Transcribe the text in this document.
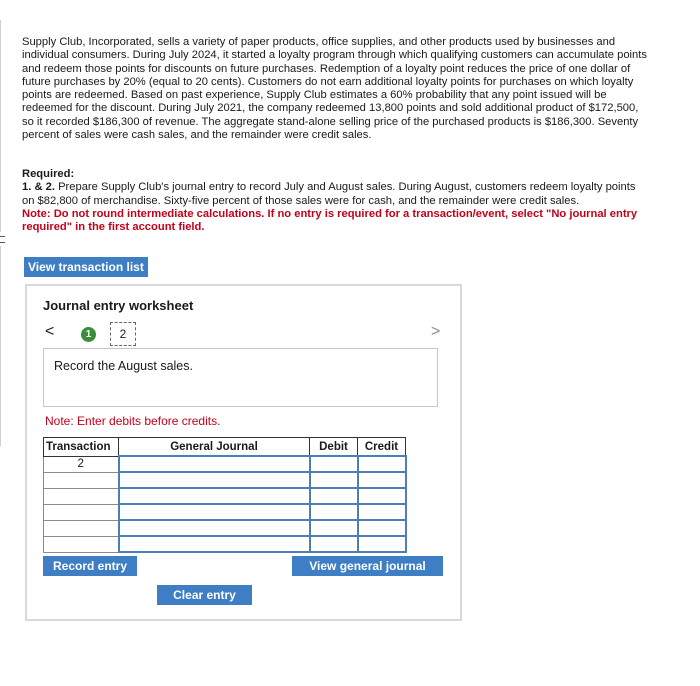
Supply Club, Incorporated, sells a variety of paper products, office supplies, and other products used by businesses and individual consumers. During July 2024, it started a loyalty program through which qualifying customers can accumulate points and redeem those points for discounts on future purchases. Redemption of a loyalty point reduces the price of one dollar of future purchases by 20% (equal to 20 cents). Customers do not earn additional loyalty points for purchases on which loyalty points are redeemed. Based on past experience, Supply Club estimates a 60% probability that any point issued will be redeemed for the discount. During July 2021, the company redeemed 13,800 points and sold additional product of $172,500, so it recorded $186,300 of revenue. The aggregate stand-alone selling price of the purchased products is $186,300. Seventy percent of sales were cash sales, and the remainder were credit sales.

Required:

1. & 2. Prepare Supply Club's journal entry to record July and August sales. During August, customers redeem loyalty points on $82,800 of merchandise. Sixty-five percent of those sales were for cash, and the remainder were credit sales.

Note: Do not round intermediate calculations. If no entry is required for a transaction/event, select "No journal entry required" in the first account field.

View transaction list

Journal entry worksheet

<	1	2	>
Record the August sales.
Note: Enter debits before credits.
Transaction	General Journal	Debit	Credit
2			

Record entry	View general journal
Clear entry
